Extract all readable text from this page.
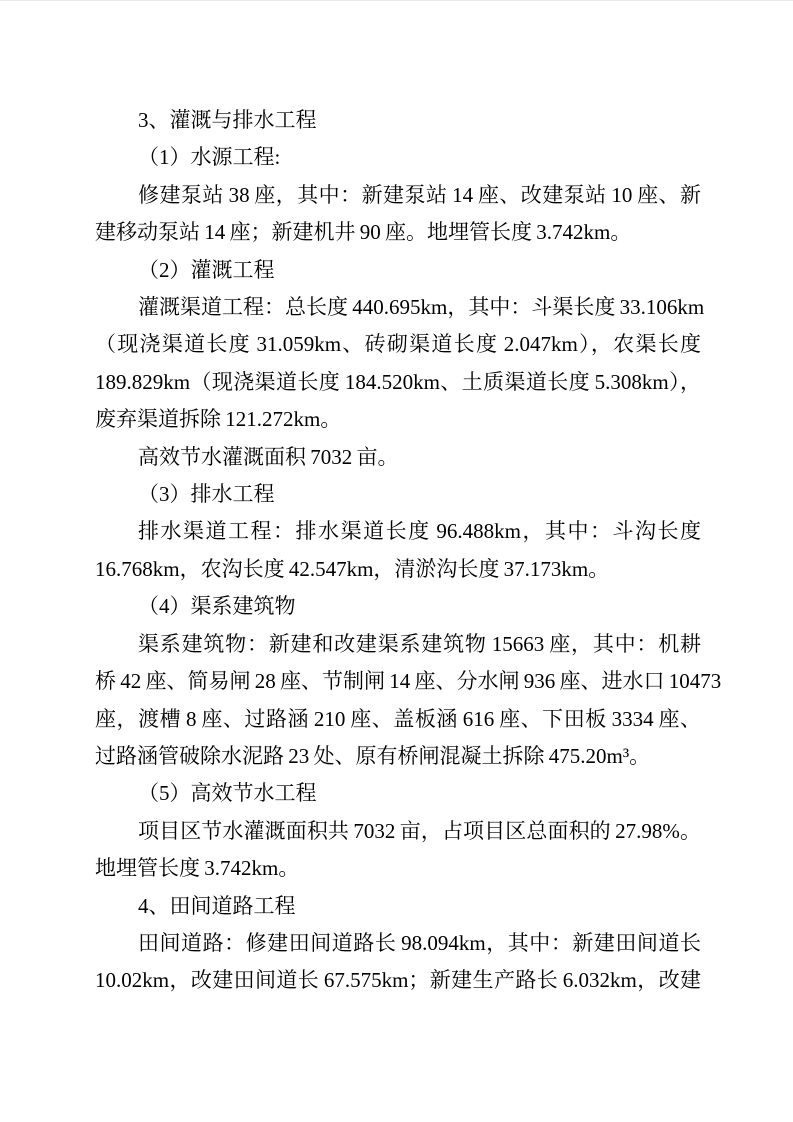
3、灌溉与排水工程
（1）水源工程:
修建泵站 38 座，其中：新建泵站 14 座、改建泵站 10 座、新
建移动泵站 14 座；新建机井 90 座。地埋管长度 3.742km。
（2）灌溉工程
灌溉渠道工程：总长度 440.695km，其中：斗渠长度 33.106km
（现浇渠道长度 31.059km、砖砌渠道长度 2.047km），农渠长度
189.829km（现浇渠道长度 184.520km、土质渠道长度 5.308km），
废弃渠道拆除 121.272km。
高效节水灌溉面积 7032 亩。
（3）排水工程
排水渠道工程：排水渠道长度 96.488km，其中：斗沟长度
16.768km，农沟长度 42.547km，清淤沟长度 37.173km。
（4）渠系建筑物
渠系建筑物：新建和改建渠系建筑物 15663 座，其中：机耕
桥 42 座、简易闸 28 座、节制闸 14 座、分水闸 936 座、进水口 10473
座，渡槽 8 座、过路涵 210 座、盖板涵 616 座、下田板 3334 座、
过路涵管破除水泥路 23 处、原有桥闸混凝土拆除 475.20m³。
（5）高效节水工程
项目区节水灌溉面积共 7032 亩，占项目区总面积的 27.98%。
地埋管长度 3.742km。
4、田间道路工程
田间道路：修建田间道路长 98.094km，其中：新建田间道长
10.02km，改建田间道长 67.575km；新建生产路长 6.032km，改建
